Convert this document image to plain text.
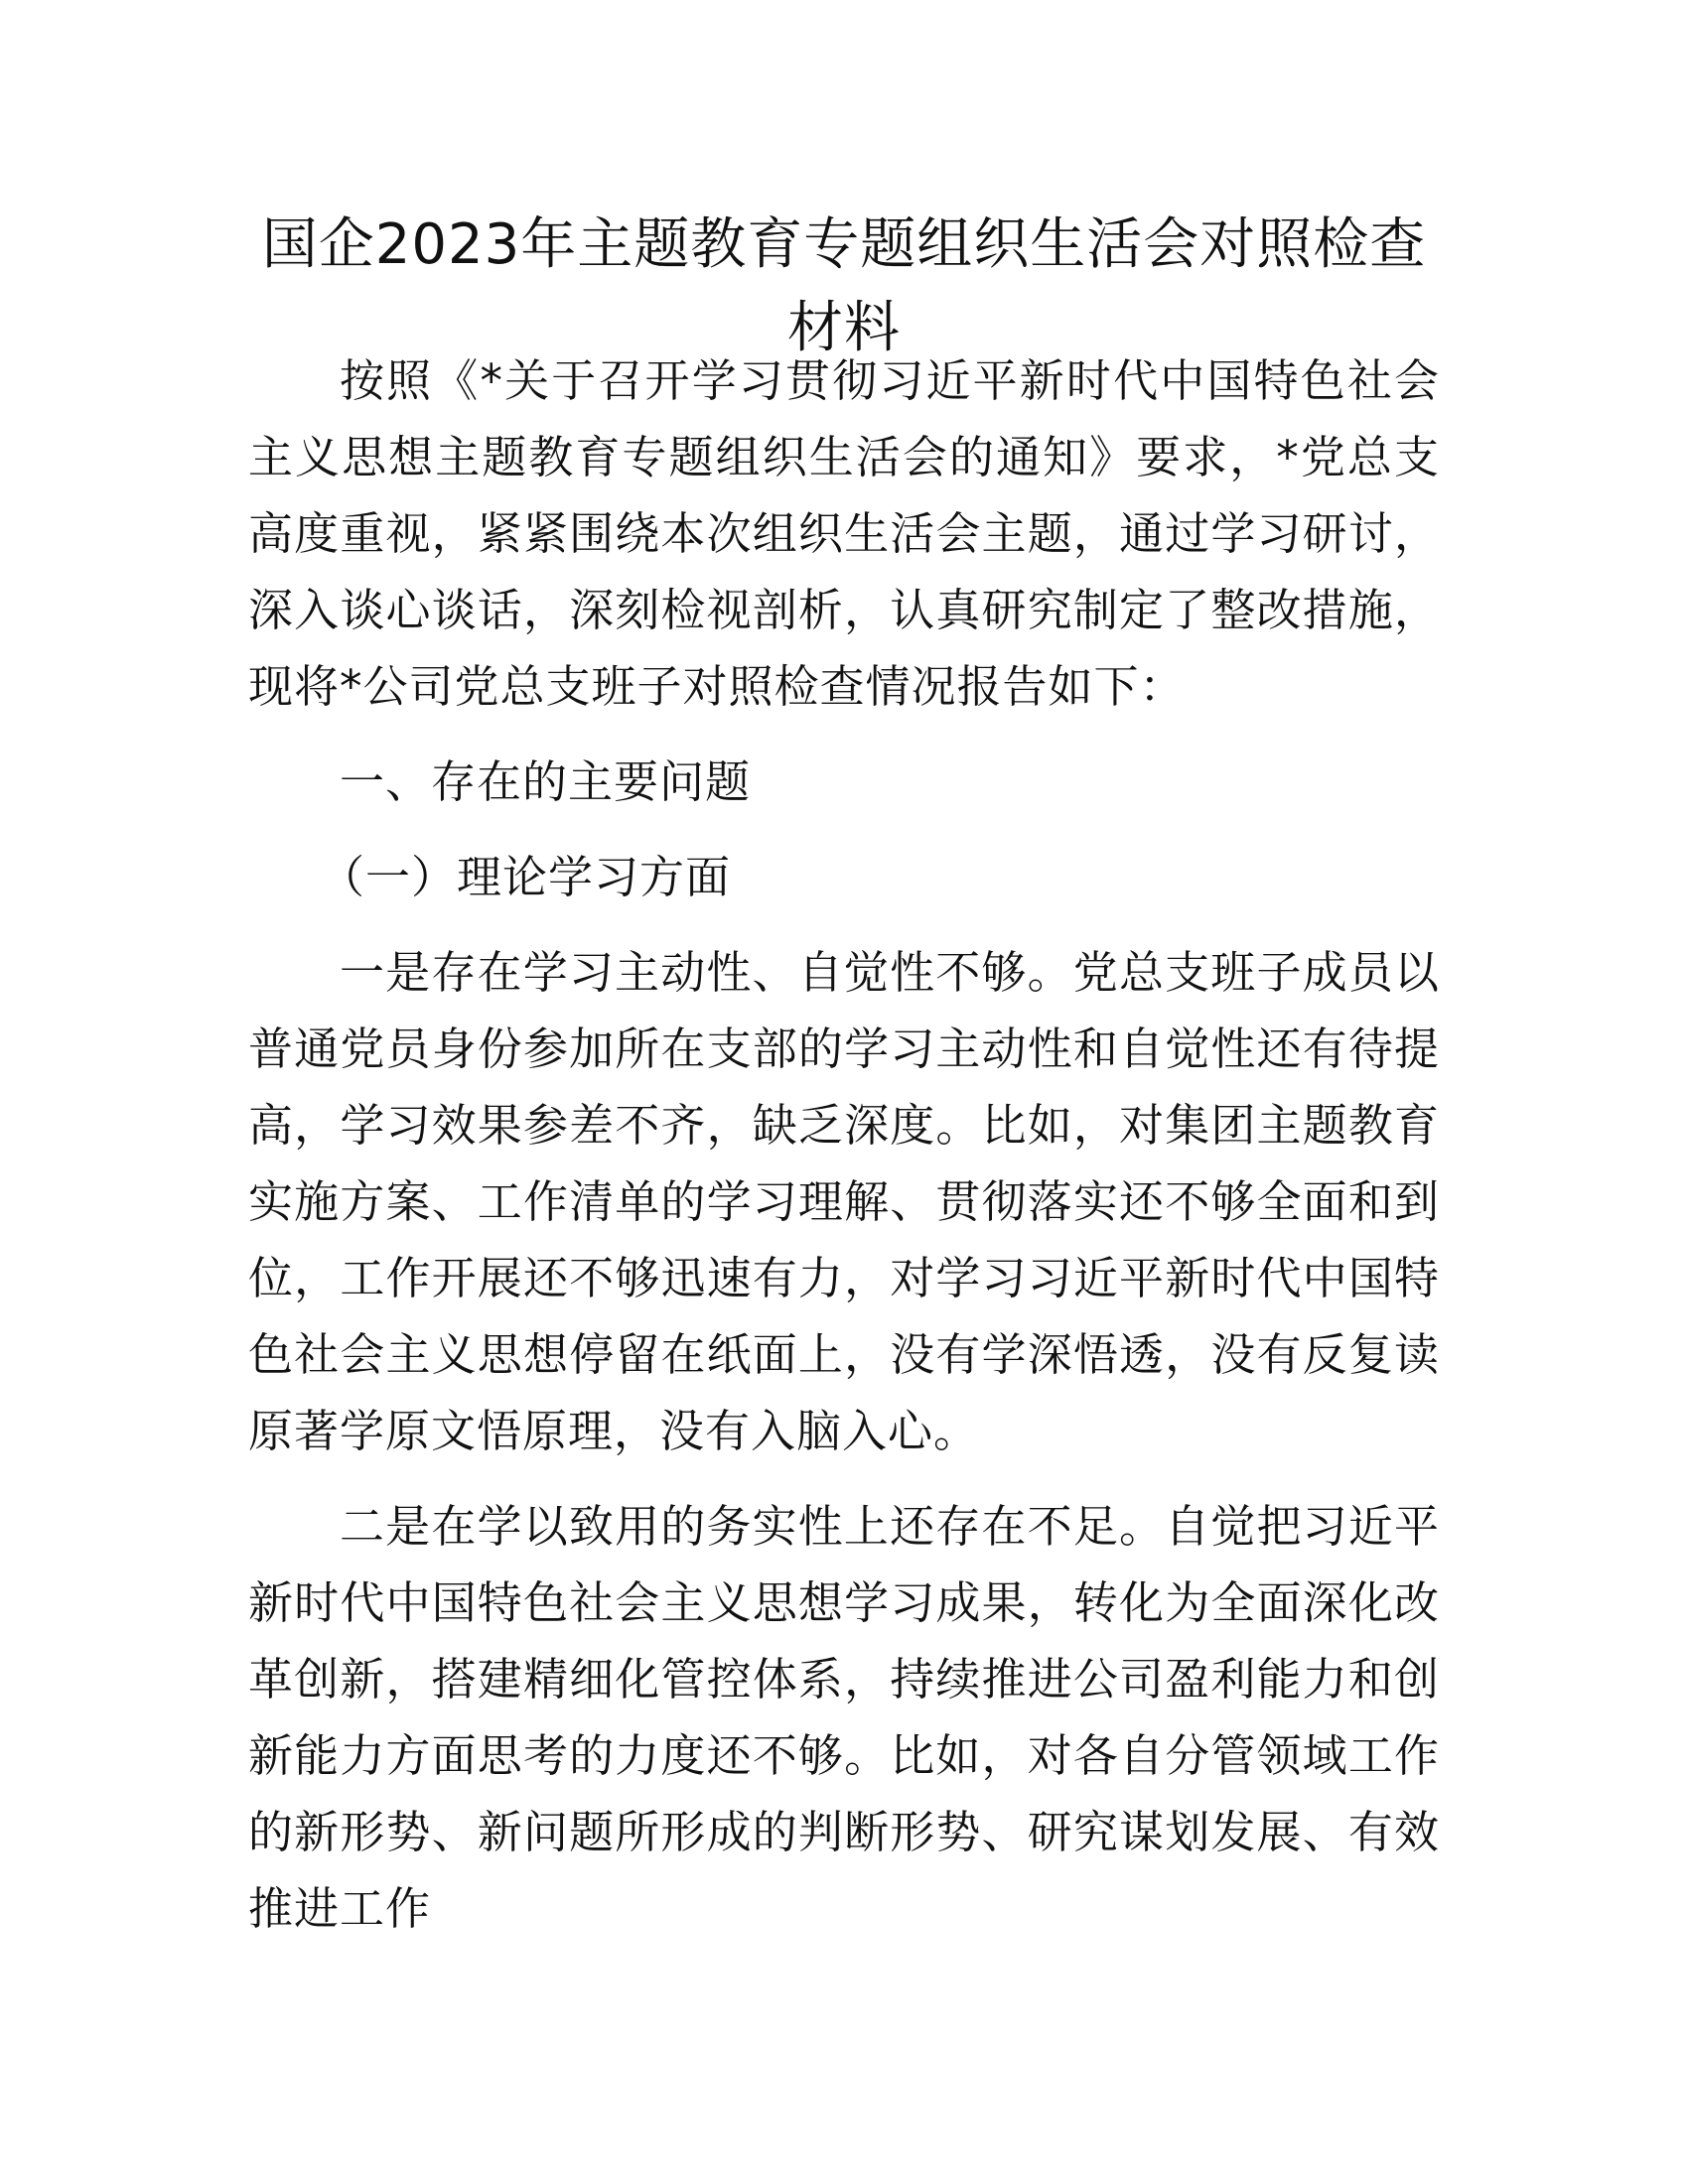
国企2023年主题教育专题组织生活会对照检查材料

按照《*关于召开学习贯彻习近平新时代中国特色社会主义思想主题教育专题组织生活会的通知》要求，*党总支高度重视，紧紧围绕本次组织生活会主题，通过学习研讨，深入谈心谈话，深刻检视剖析，认真研究制定了整改措施，现将*公司党总支班子对照检查情况报告如下：

一、存在的主要问题

（一）理论学习方面

一是存在学习主动性、自觉性不够。党总支班子成员以普通党员身份参加所在支部的学习主动性和自觉性还有待提高，学习效果参差不齐，缺乏深度。比如，对集团主题教育实施方案、工作清单的学习理解、贯彻落实还不够全面和到位，工作开展还不够迅速有力，对学习习近平新时代中国特色社会主义思想停留在纸面上，没有学深悟透，没有反复读原著学原文悟原理，没有入脑入心。

二是在学以致用的务实性上还存在不足。自觉把习近平新时代中国特色社会主义思想学习成果，转化为全面深化改革创新，搭建精细化管控体系，持续推进公司盈利能力和创新能力方面思考的力度还不够。比如，对各自分管领域工作的新形势、新问题所形成的判断形势、研究谋划发展、有效推进工作
